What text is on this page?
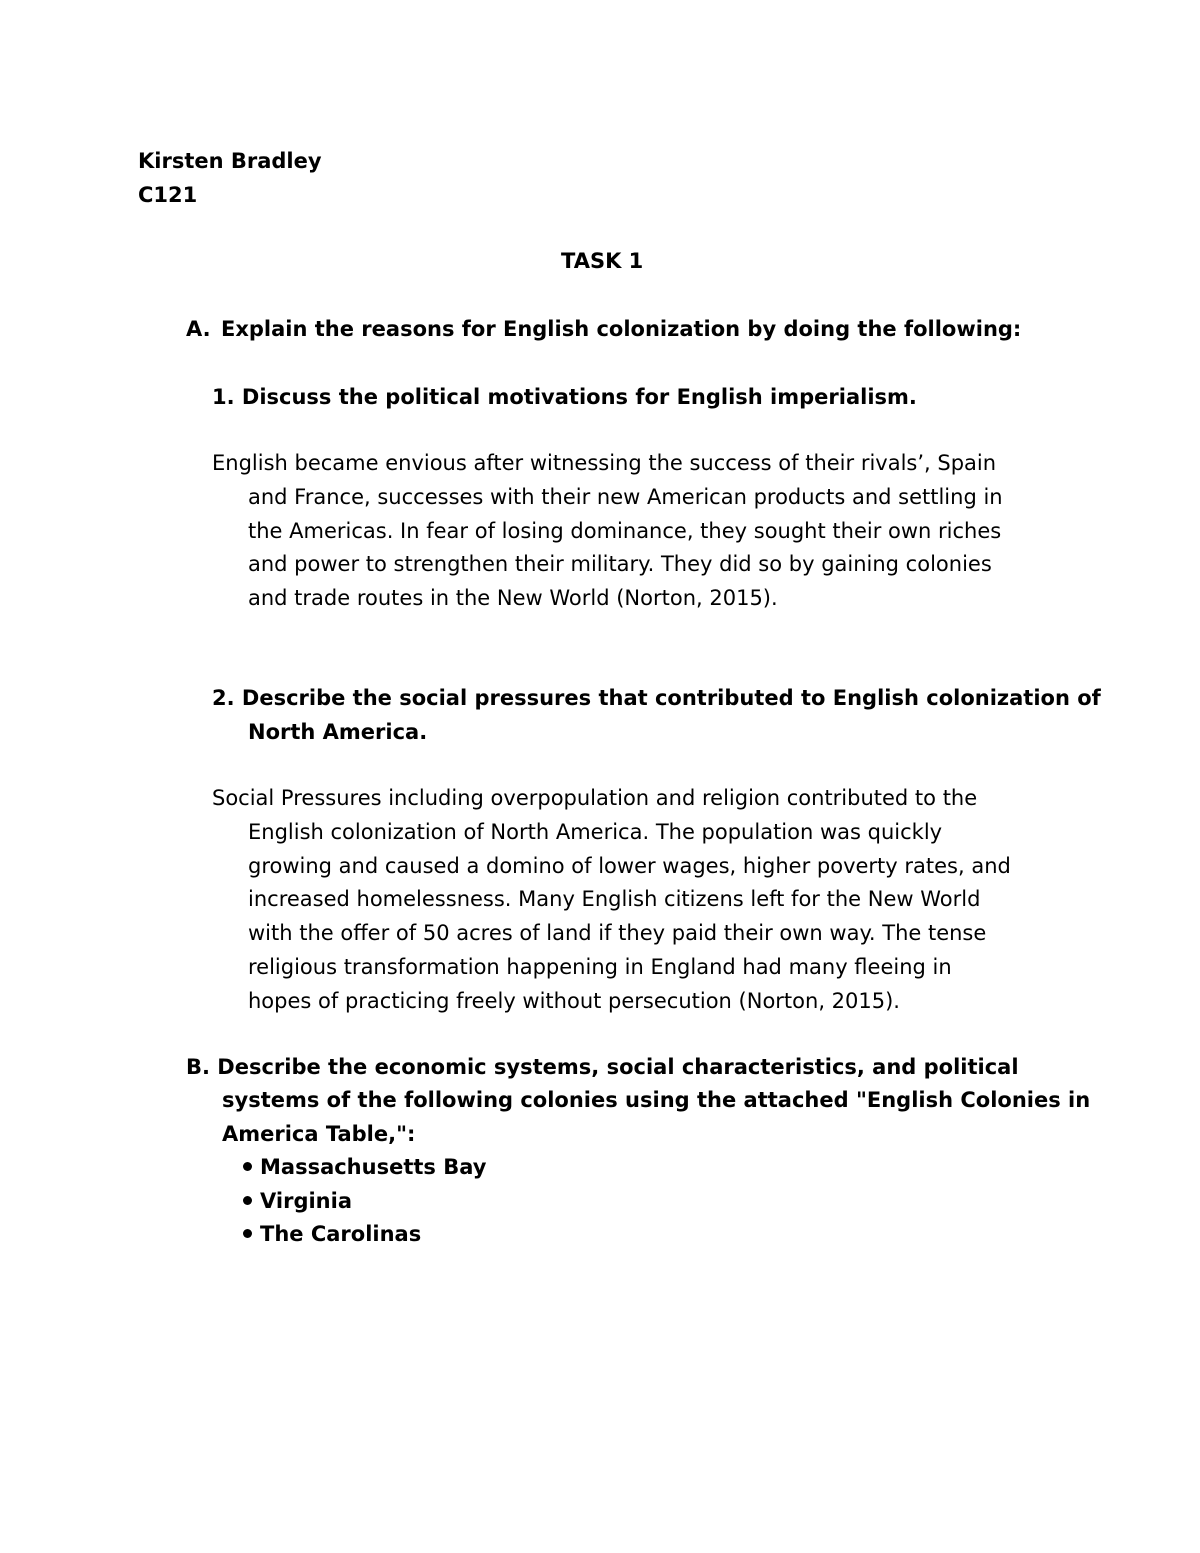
Kirsten Bradley
C121
TASK 1
A. Explain the reasons for English colonization by doing the following:
1. Discuss the political motivations for English imperialism.
English became envious after witnessing the success of their rivals’, Spain
and France, successes with their new American products and settling in
the Americas. In fear of losing dominance, they sought their own riches
and power to strengthen their military. They did so by gaining colonies
and trade routes in the New World (Norton, 2015).
2. Describe the social pressures that contributed to English colonization of
North America.
Social Pressures including overpopulation and religion contributed to the
English colonization of North America. The population was quickly
growing and caused a domino of lower wages, higher poverty rates, and
increased homelessness. Many English citizens left for the New World
with the offer of 50 acres of land if they paid their own way. The tense
religious transformation happening in England had many fleeing in
hopes of practicing freely without persecution (Norton, 2015).
B. Describe the economic systems, social characteristics, and political
systems of the following colonies using the attached "English Colonies in
America Table,":
Massachusetts Bay
Virginia
The Carolinas
